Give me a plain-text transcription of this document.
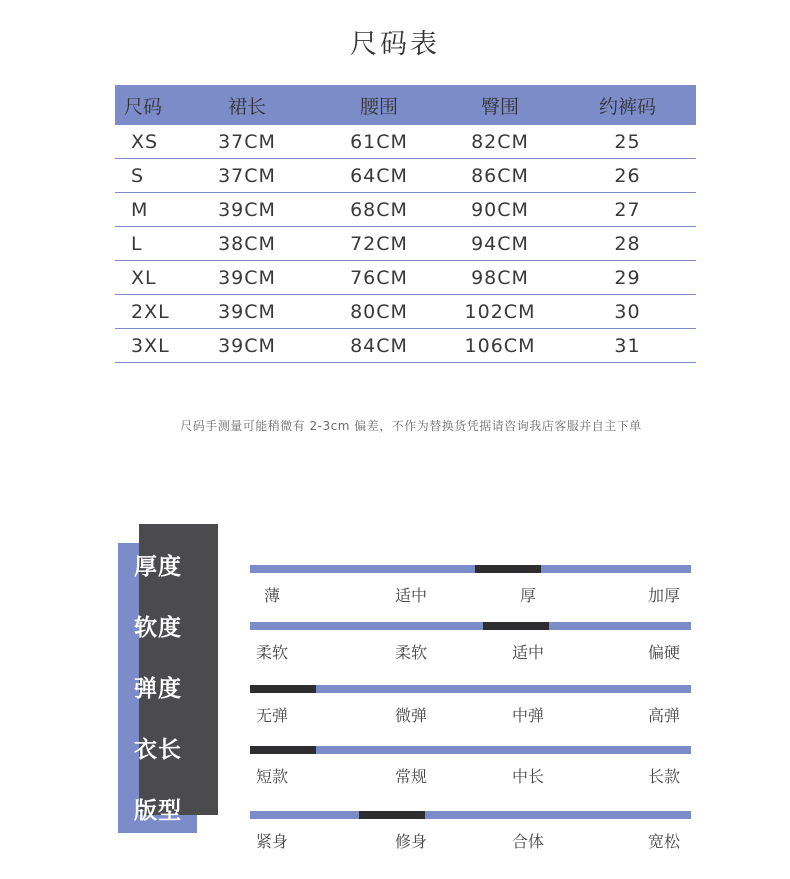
尺码表
尺码	裙长	腰围	臀围	约裤码
XS	37CM	61CM	82CM	25
S	37CM	64CM	86CM	26
M	39CM	68CM	90CM	27
L	38CM	72CM	94CM	28
XL	39CM	76CM	98CM	29
2XL	39CM	80CM	102CM	30
3XL	39CM	84CM	106CM	31
尺码手测量可能稍微有 2-3cm 偏差，不作为替换货凭据请咨询我店客服并自主下单
厚度
软度
弹度
衣长
版型
薄	适中	厚	加厚
柔软	柔软	适中	偏硬
无弹	微弹	中弹	高弹
短款	常规	中长	长款
紧身	修身	合体	宽松
